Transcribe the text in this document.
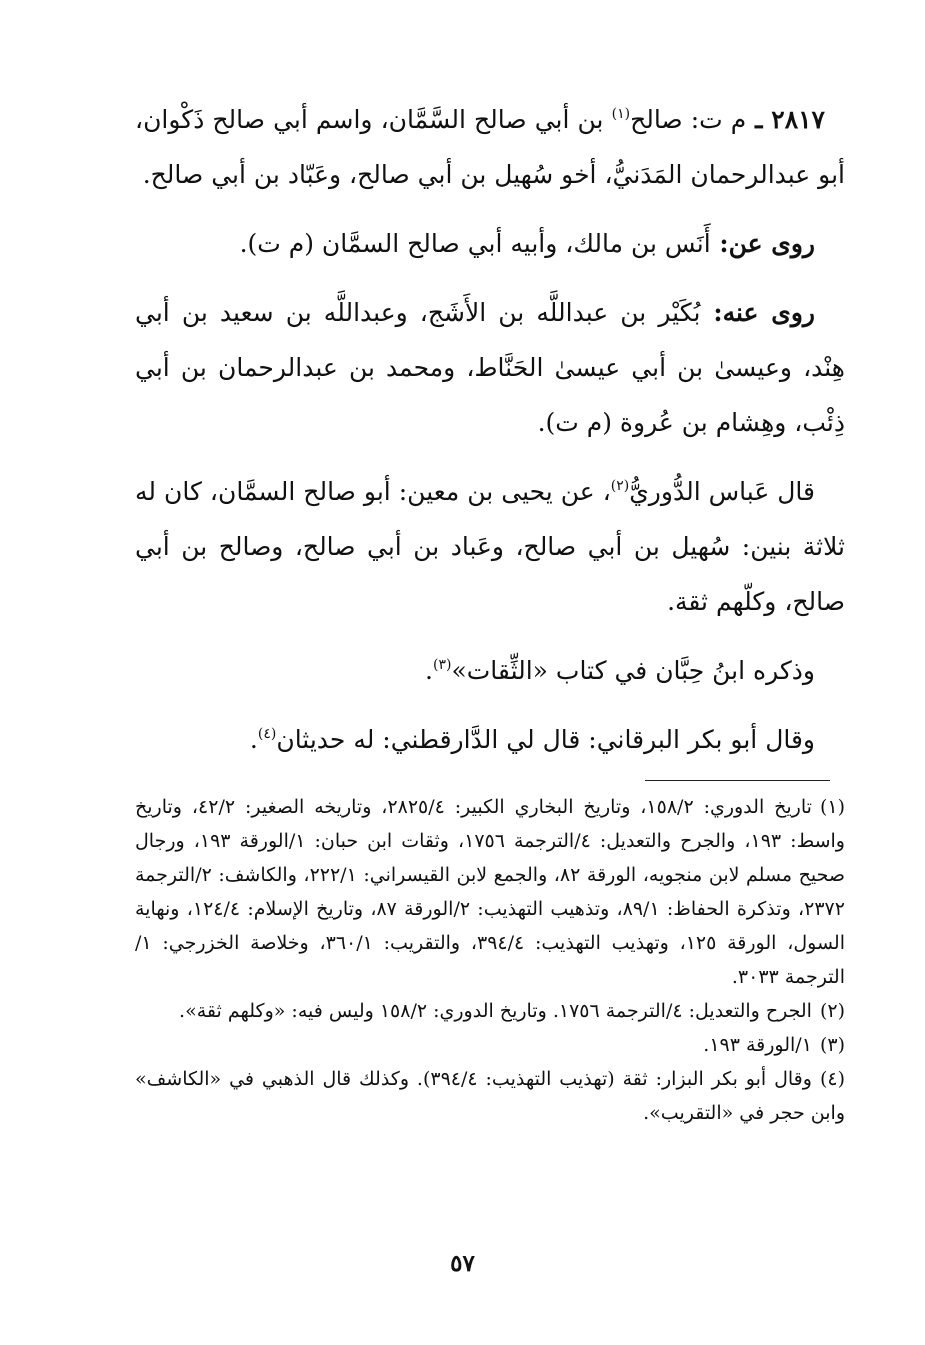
٢٨١٧ ـ م ت: صالح$^{(١)}$ بن أبي صالح السَّمَّان، واسم أبي صالح ذَكْوان، أبو عبدالرحمان المَدَنيُّ، أخو سُهيل بن أبي صالح، وعَبّاد بن أبي صالح.

روى عن: أَنَس بن مالك، وأبيه أبي صالح السمَّان (م ت).

روى عنه: بُكَيْر بن عبداللَّه بن الأَشَج، وعبداللَّه بن سعيد بن أبي هِنْد، وعيسىٰ بن أبي عيسىٰ الحَنَّاط، ومحمد بن عبدالرحمان بن أبي ذِئْب، وهِشام بن عُروة (م ت).

قال عَباس الدُّوريُّ$^{(٢)}$، عن يحيى بن معين: أبو صالح السمَّان، كان له ثلاثة بنين: سُهيل بن أبي صالح، وعَباد بن أبي صالح، وصالح بن أبي صالح، وكلّهم ثقة.

وذكره ابنُ حِبَّان في كتاب «الثِّقات»$^{(٣)}$.

وقال أبو بكر البرقاني: قال لي الدَّارقطني: له حديثان$^{(٤)}$.

(١)تاريخ الدوري: ١٥٨/٢، وتاريخ البخاري الكبير: ٢٨٢٥/٤، وتاريخه الصغير: ٤٢/٢، وتاريخ واسط: ١٩٣، والجرح والتعديل: ٤/الترجمة ١٧٥٦، وثقات ابن حبان: ١/الورقة ١٩٣، ورجال صحيح مسلم لابن منجويه، الورقة ٨٢، والجمع لابن القيسراني: ٢٢٢/١، والكاشف: ٢/الترجمة ٢٣٧٢، وتذكرة الحفاظ: ٨٩/١، وتذهيب التهذيب: ٢/الورقة ٨٧، وتاريخ الإسلام: ١٢٤/٤، ونهاية السول، الورقة ١٢٥، وتهذيب التهذيب: ٣٩٤/٤، والتقريب: ٣٦٠/١، وخلاصة الخزرجي: ١/الترجمة ٣٠٣٣.

(٢)الجرح والتعديل: ٤/الترجمة ١٧٥٦. وتاريخ الدوري: ١٥٨/٢ وليس فيه: «وكلهم ثقة».

(٣)١/الورقة ١٩٣.

(٤)وقال أبو بكر البزار: ثقة (تهذيب التهذيب: ٣٩٤/٤). وكذلك قال الذهبي في «الكاشف» وابن حجر في «التقريب».

٥٧
